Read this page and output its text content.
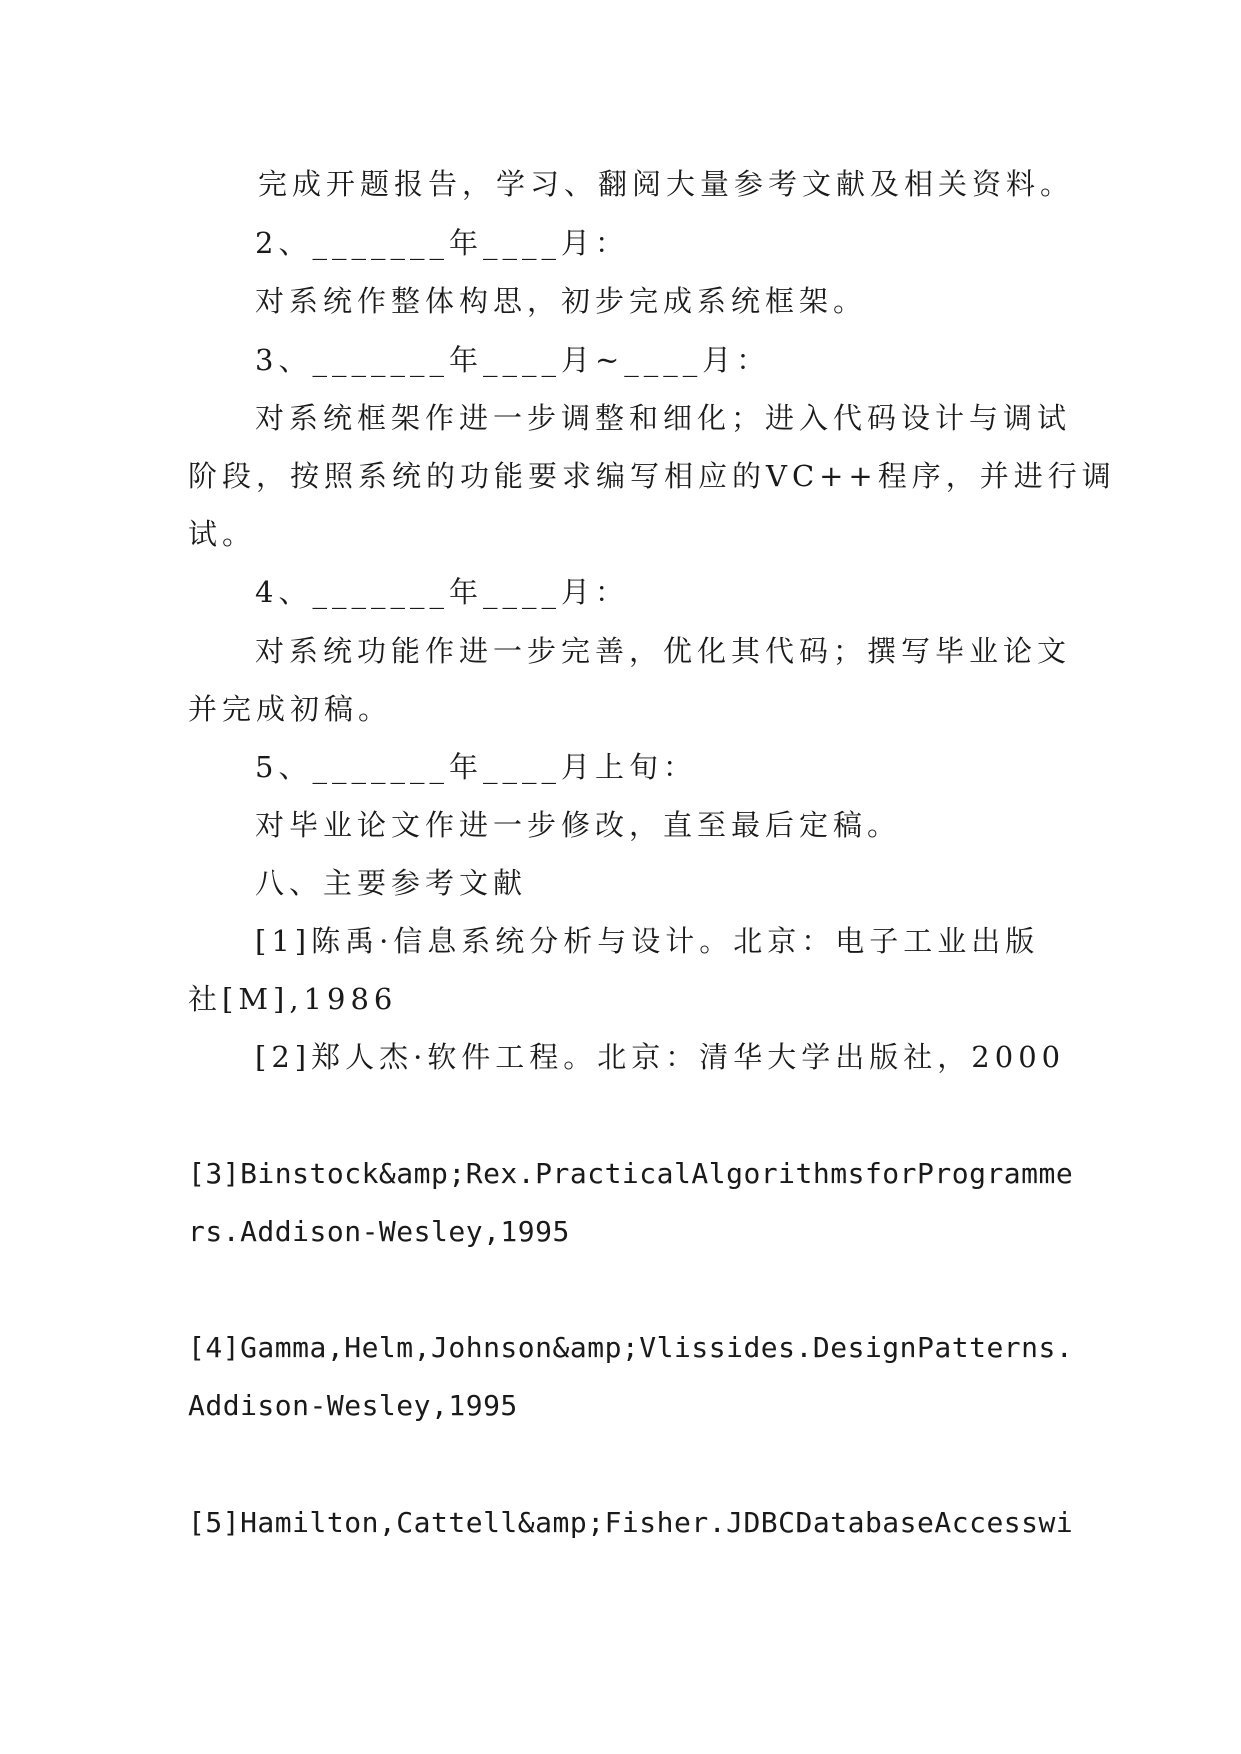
完成开题报告，学习、翻阅大量参考文献及相关资料。
2、_______年____月：
对系统作整体构思，初步完成系统框架。
3、_______年____月~____月：
对系统框架作进一步调整和细化；进入代码设计与调试
阶段，按照系统的功能要求编写相应的VC++程序，并进行调
试。
4、_______年____月：
对系统功能作进一步完善，优化其代码；撰写毕业论文
并完成初稿。
5、_______年____月上旬：
对毕业论文作进一步修改，直至最后定稿。
八、主要参考文献
[1]陈禹·信息系统分析与设计。北京：电子工业出版
社[M],1986
[2]郑人杰·软件工程。北京：清华大学出版社，2000
[3]Binstock&amp;Rex.PracticalAlgorithmsforProgramme
rs.Addison-Wesley,1995
[4]Gamma,Helm,Johnson&amp;Vlissides.DesignPatterns.
Addison-Wesley,1995
[5]Hamilton,Cattell&amp;Fisher.JDBCDatabaseAccesswi
